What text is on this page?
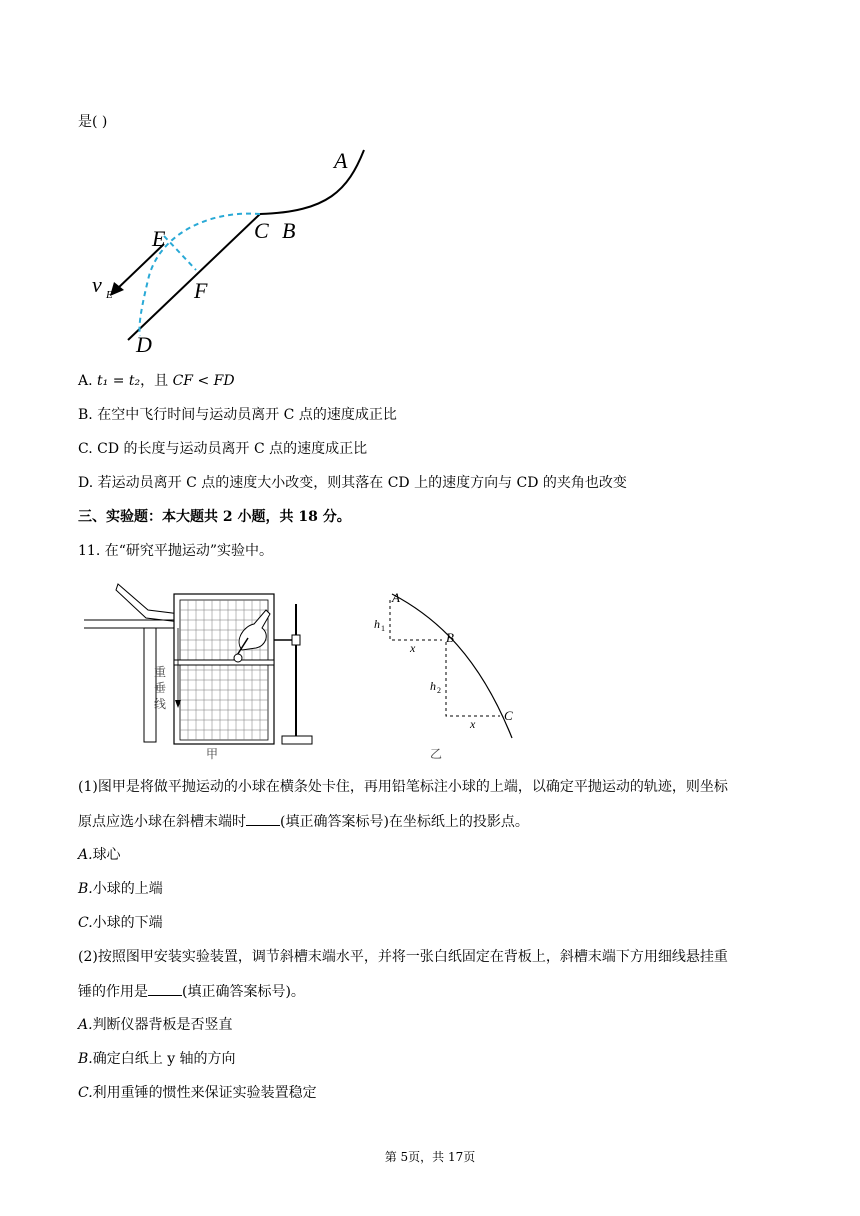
是( )
A
C B
E
F
D
v E
A. t₁ = t₂，且 CF < FD
B. 在空中飞行时间与运动员离开 C 点的速度成正比
C. CD 的长度与运动员离开 C 点的速度成正比
D. 若运动员离开 C 点的速度大小改变，则其落在 CD 上的速度方向与 CD 的夹角也改变
三、实验题：本大题共 2 小题，共 18 分。
11. 在“研究平抛运动”实验中。
重
垂
线
甲
A
B
C
h 1
x
h 2
x
乙
(1)图甲是将做平抛运动的小球在横条处卡住，再用铅笔标注小球的上端，以确定平抛运动的轨迹，则坐标
原点应选小球在斜槽末端时 (填正确答案标号)在坐标纸上的投影点。
A.球心
B.小球的上端
C.小球的下端
(2)按照图甲安装实验装置，调节斜槽末端水平，并将一张白纸固定在背板上，斜槽末端下方用细线悬挂重
锤的作用是 (填正确答案标号)。
A.判断仪器背板是否竖直
B.确定白纸上 y 轴的方向
C.利用重锤的惯性来保证实验装置稳定
第 5页，共 17页
